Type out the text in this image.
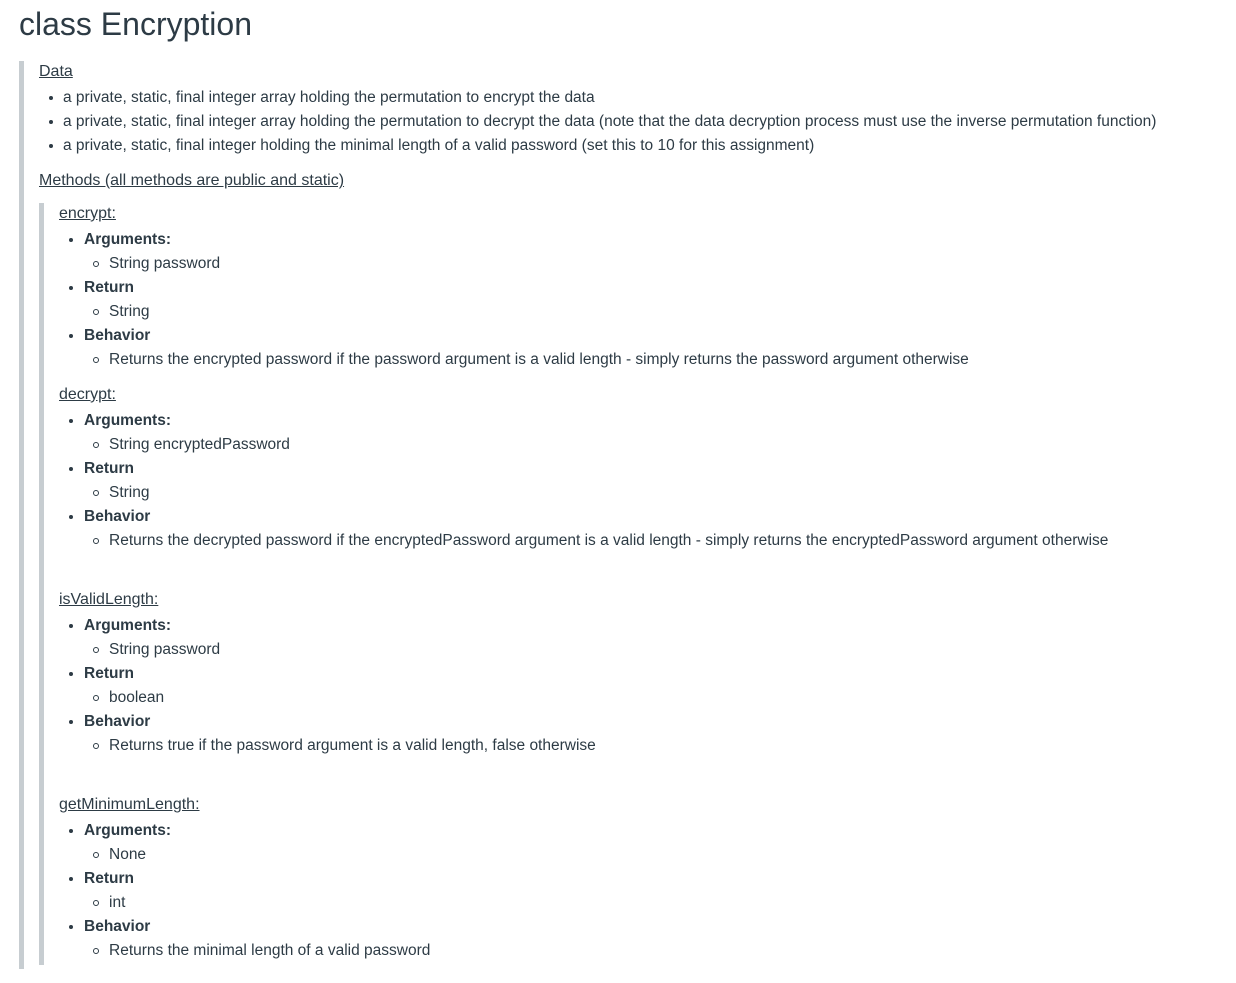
class Encryption
Data
a private, static, final integer array holding the permutation to encrypt the data
a private, static, final integer array holding the permutation to decrypt the data (note that the data decryption process must use the inverse permutation function)
a private, static, final integer holding the minimal length of a valid password (set this to 10 for this assignment)
Methods (all methods are public and static)
encrypt:
Arguments:
String password
Return
String
Behavior
Returns the encrypted password if the password argument is a valid length - simply returns the password argument otherwise
decrypt:
Arguments:
String encryptedPassword
Return
String
Behavior
Returns the decrypted password if the encryptedPassword argument is a valid length - simply returns the encryptedPassword argument otherwise
isValidLength:
Arguments:
String password
Return
boolean
Behavior
Returns true if the password argument is a valid length, false otherwise
getMinimumLength:
Arguments:
None
Return
int
Behavior
Returns the minimal length of a valid password
